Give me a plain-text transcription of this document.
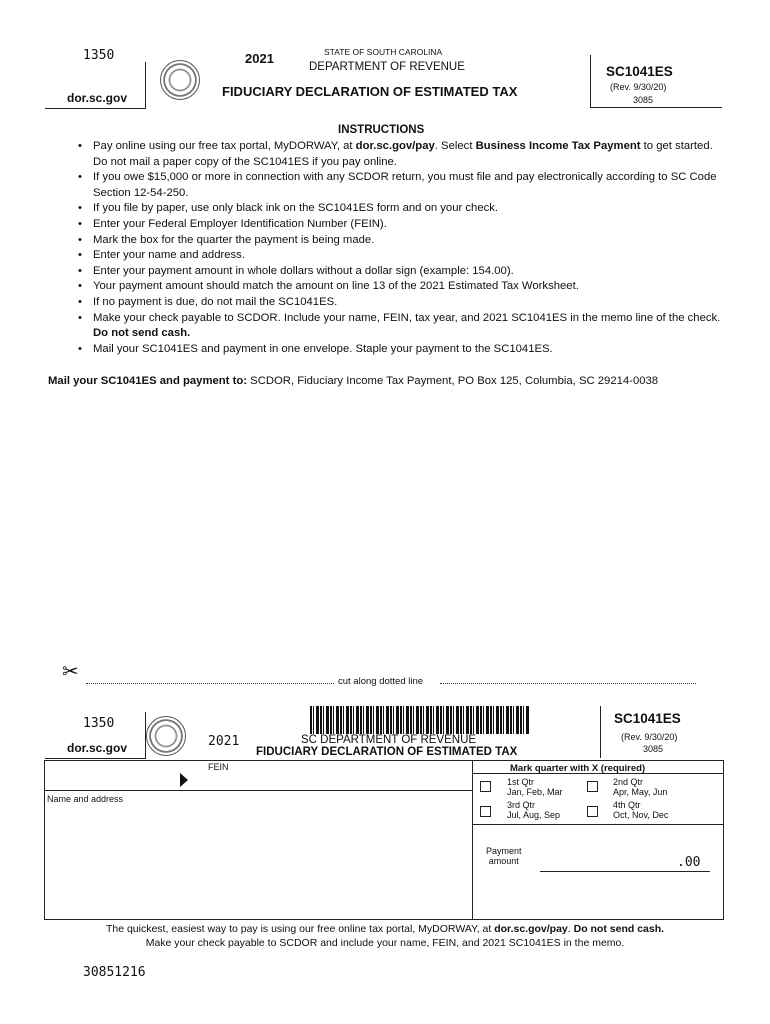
1350
dor.sc.gov
2021	STATE OF SOUTH CAROLINA
DEPARTMENT OF REVENUE
FIDUCIARY DECLARATION OF ESTIMATED TAX
SC1041ES
(Rev. 9/30/20)
3085
INSTRUCTIONS
• Pay online using our free tax portal, MyDORWAY, at dor.sc.gov/pay. Select Business Income Tax Payment to get started. Do not mail a paper copy of the SC1041ES if you pay online.
• If you owe $15,000 or more in connection with any SCDOR return, you must file and pay electronically according to SC Code Section 12-54-250.
• If you file by paper, use only black ink on the SC1041ES form and on your check.
• Enter your Federal Employer Identification Number (FEIN).
• Mark the box for the quarter the payment is being made.
• Enter your name and address.
• Enter your payment amount in whole dollars without a dollar sign (example: 154.00).
• Your payment amount should match the amount on line 13 of the 2021 Estimated Tax Worksheet.
• If no payment is due, do not mail the SC1041ES.
• Make your check payable to SCDOR. Include your name, FEIN, tax year, and 2021 SC1041ES in the memo line of the check. Do not send cash.
• Mail your SC1041ES and payment in one envelope. Staple your payment to the SC1041ES.
Mail your SC1041ES and payment to: SCDOR, Fiduciary Income Tax Payment, PO Box 125, Columbia, SC 29214-0038
✂	cut along dotted line
1350
dor.sc.gov	2021	SC DEPARTMENT OF REVENUE
FIDUCIARY DECLARATION OF ESTIMATED TAX
SC1041ES
(Rev. 9/30/20)
3085
FEIN
Name and address
Mark quarter with X (required)
1st Qtr
Jan, Feb, Mar
2nd Qtr
Apr, May, Jun
3rd Qtr
Jul, Aug, Sep
4th Qtr
Oct, Nov, Dec
Payment
amount	.00
The quickest, easiest way to pay is using our free online tax portal, MyDORWAY, at dor.sc.gov/pay. Do not send cash.
Make your check payable to SCDOR and include your name, FEIN, and 2021 SC1041ES in the memo.
30851216
